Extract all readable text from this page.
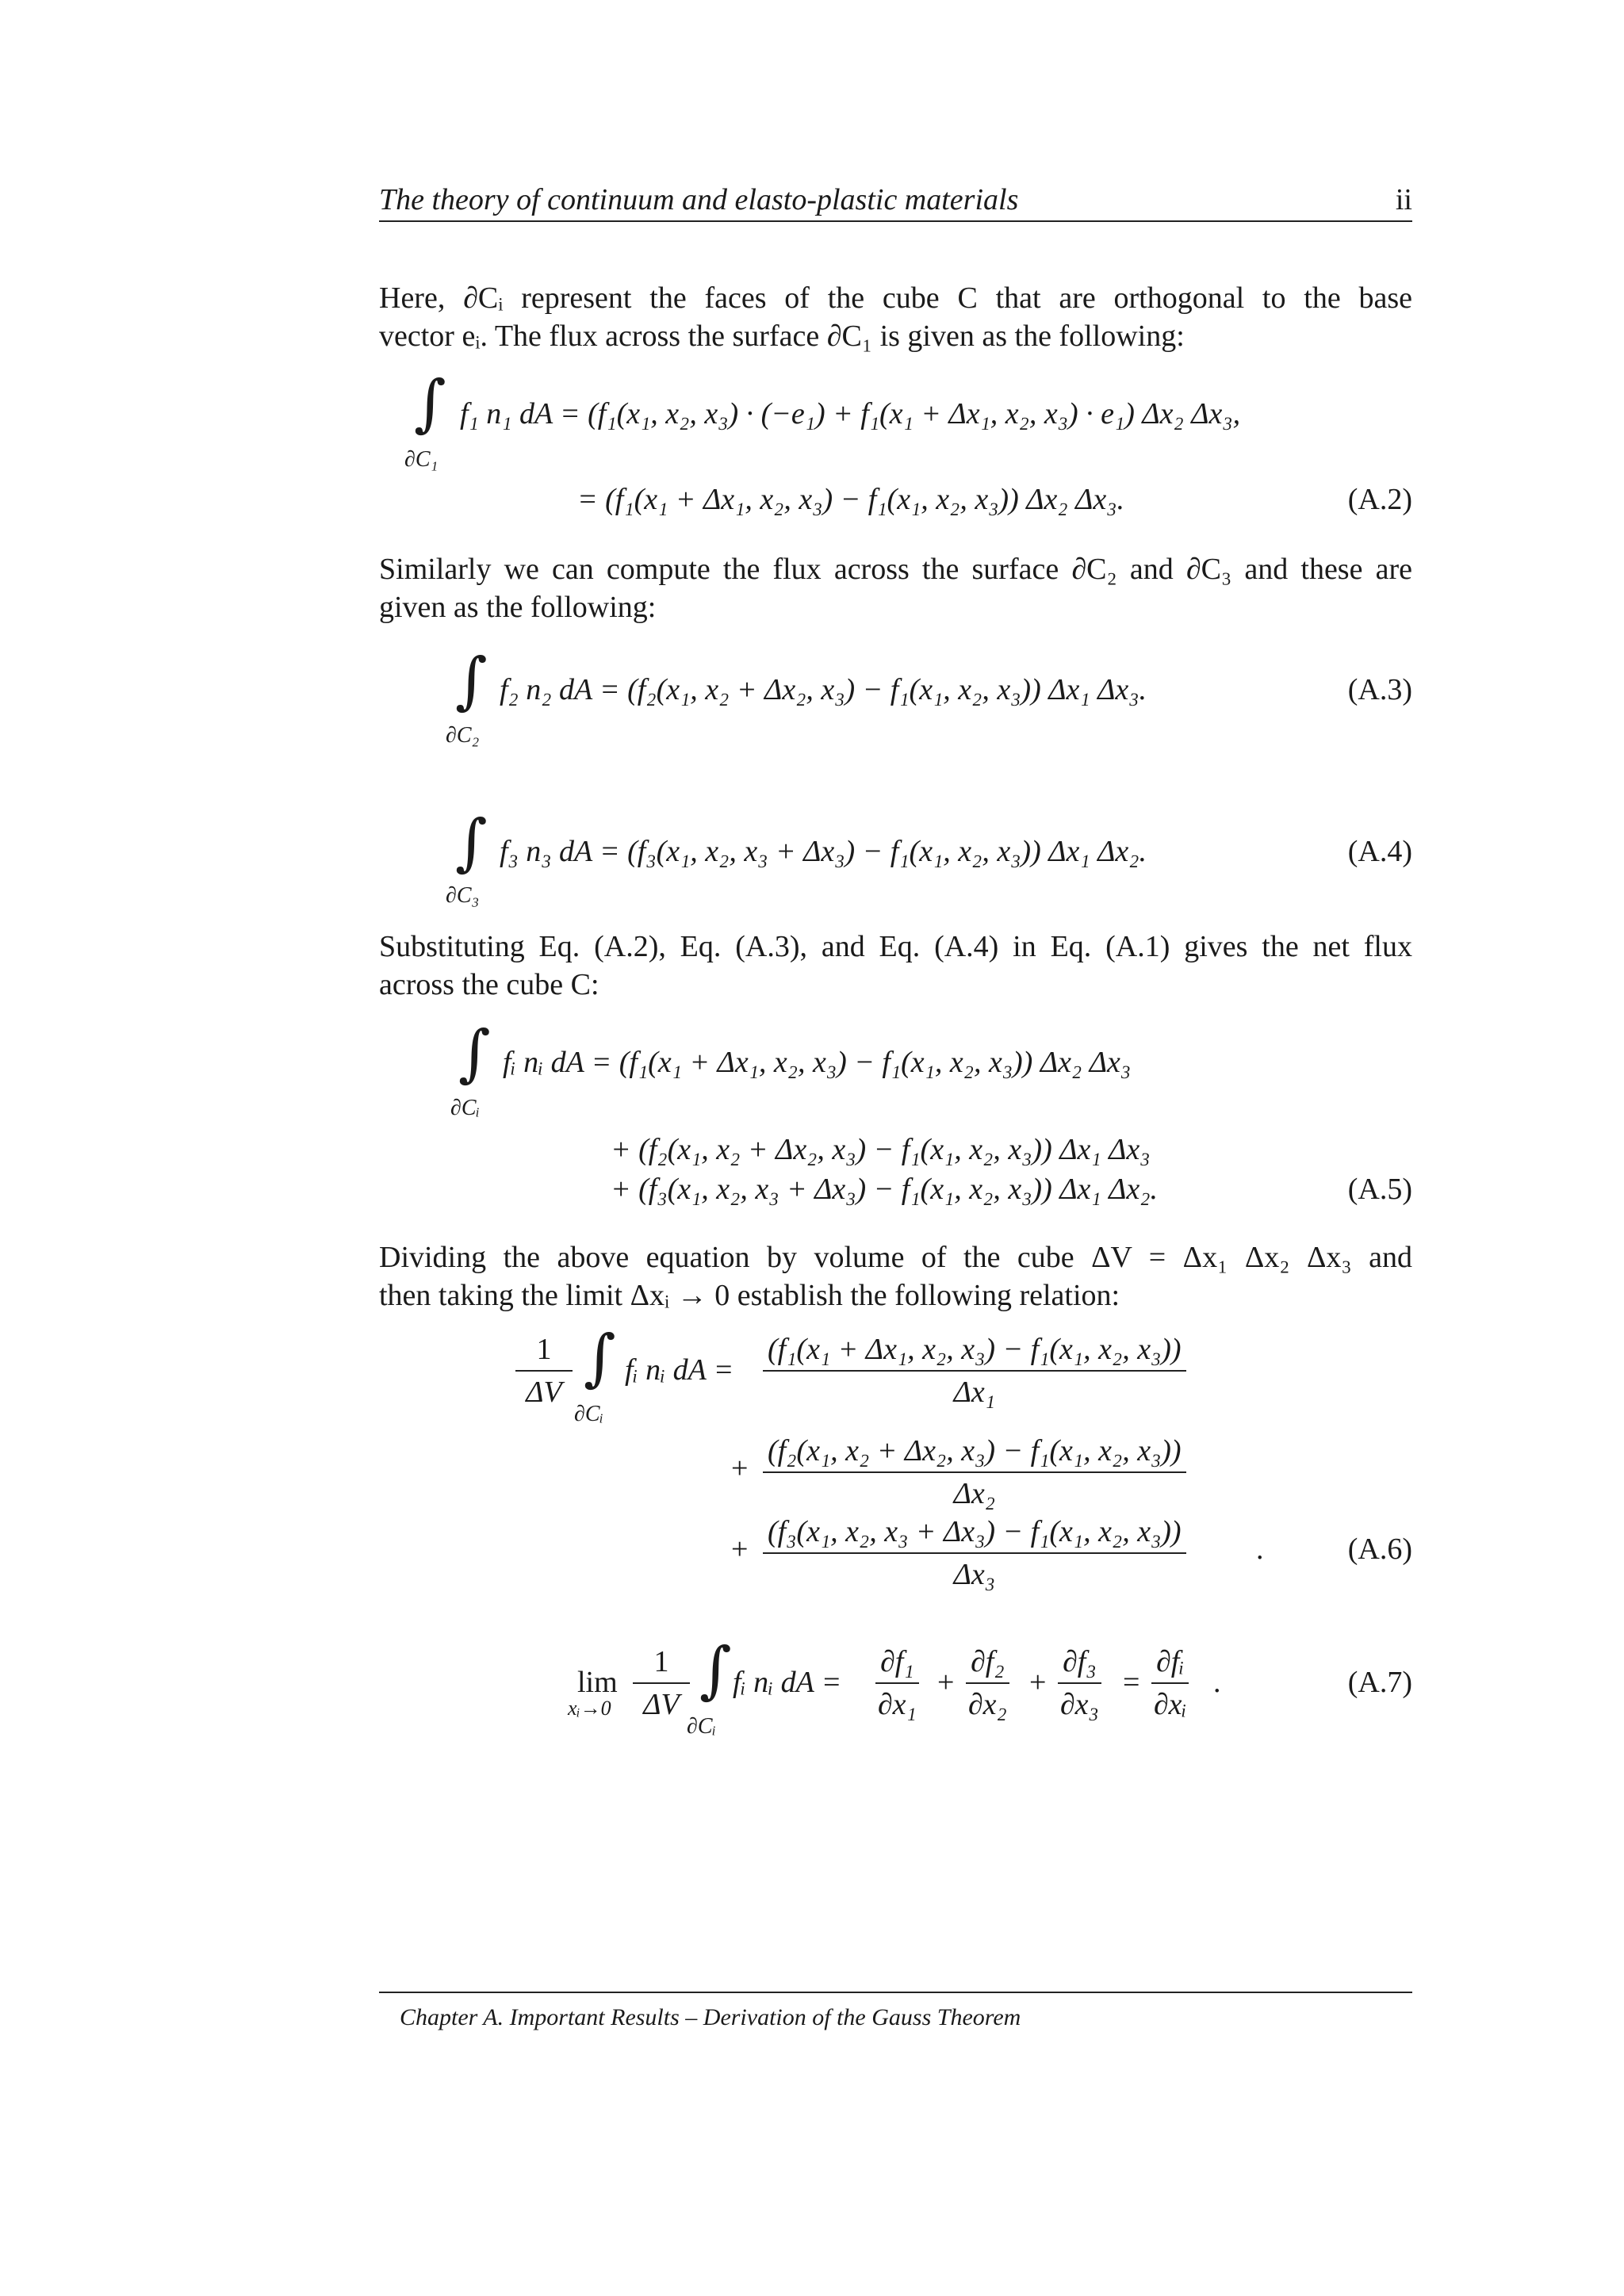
The theory of continuum and elasto-plastic materials	ii
Here, ∂Cᵢ represent the faces of the cube C that are orthogonal to the base
vector eᵢ. The flux across the surface ∂C₁ is given as the following:
∫
∂C₁
f₁ n₁ dA = (f₁(x₁, x₂, x₃) · (−e₁) + f₁(x₁ + Δx₁, x₂, x₃) · e₁) Δx₂ Δx₃,
= (f₁(x₁ + Δx₁, x₂, x₃) − f₁(x₁, x₂, x₃)) Δx₂ Δx₃.	(A.2)
Similarly we can compute the flux across the surface ∂C₂ and ∂C₃ and these are
given as the following:
∫
∂C₂
f₂ n₂ dA = (f₂(x₁, x₂ + Δx₂, x₃) − f₁(x₁, x₂, x₃)) Δx₁ Δx₃.	(A.3)
∫
∂C₃
f₃ n₃ dA = (f₃(x₁, x₂, x₃ + Δx₃) − f₁(x₁, x₂, x₃)) Δx₁ Δx₂.	(A.4)
Substituting Eq. (A.2), Eq. (A.3), and Eq. (A.4) in Eq. (A.1) gives the net flux
across the cube C:
∫
∂Cᵢ
fᵢ nᵢ dA = (f₁(x₁ + Δx₁, x₂, x₃) − f₁(x₁, x₂, x₃)) Δx₂ Δx₃
+ (f₂(x₁, x₂ + Δx₂, x₃) − f₁(x₁, x₂, x₃)) Δx₁ Δx₃
+ (f₃(x₁, x₂, x₃ + Δx₃) − f₁(x₁, x₂, x₃)) Δx₁ Δx₂.	(A.5)
Dividing the above equation by volume of the cube ΔV = Δx₁ Δx₂ Δx₃ and
then taking the limit Δxᵢ → 0 establish the following relation:
$\frac{1}{\Delta V}$ ∫
∂Cᵢ
fᵢ nᵢ dA = $\frac{\text{(f₁(x₁ + Δx₁, x₂, x₃) − f₁(x₁, x₂, x₃))}}{\text{Δx₁}}$
+ $\frac{\text{(f₂(x₁, x₂ + Δx₂, x₃) − f₁(x₁, x₂, x₃))}}{\text{Δx₂}}$
+ $\frac{\text{(f₃(x₁, x₂, x₃ + Δx₃) − f₁(x₁, x₂, x₃))}}{\text{Δx₃}}$ .	(A.6)
lim
xᵢ→0 $\frac{1}{\Delta V}$ ∫
∂Cᵢ
fᵢ nᵢ dA = $\frac{\text{∂f₁}}{\text{∂x₁}} + \frac{\text{∂f₂}}{\text{∂x₂}} + \frac{\text{∂f₃}}{\text{∂x₃}} = \frac{\text{∂fᵢ}}{\text{∂xᵢ}}$ .	(A.7)
Chapter A. Important Results – Derivation of the Gauss Theorem
